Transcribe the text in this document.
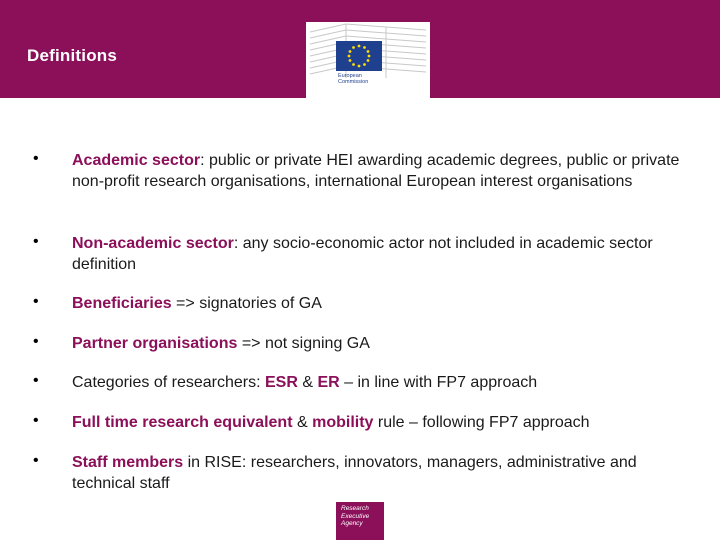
Definitions
European
Commission
• Academic sector: public or private HEI awarding academic degrees, public or private non-profit research organisations, international European interest organisations
• Non-academic sector: any socio-economic actor not included in academic sector definition
• Beneficiaries => signatories of GA
• Partner organisations => not signing GA
• Categories of researchers: ESR & ER – in line with FP7 approach
• Full time research equivalent & mobility rule – following FP7 approach
• Staff members in RISE: researchers, innovators, managers, administrative and technical staff
Research
Executive
Agency
